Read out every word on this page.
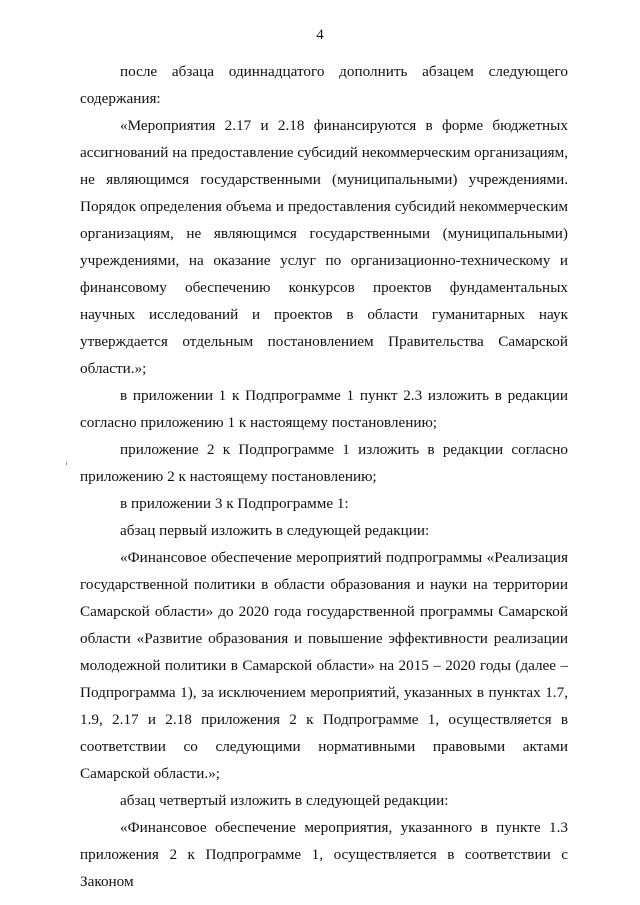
4

после абзаца одиннадцатого дополнить абзацем следующего содержания:

«Мероприятия 2.17 и 2.18 финансируются в форме бюджетных ассигнований на предоставление субсидий некоммерческим организациям, не являющимся государственными (муниципальными) учреждениями. Порядок определения объема и предоставления субсидий некоммерческим организациям, не являющимся государственными (муниципальными) учреждениями, на оказание услуг по организационно-техническому и финансовому обеспечению конкурсов проектов фундаментальных научных исследований и проектов в области гуманитарных наук утверждается отдельным постановлением Правительства Самарской области.»;

в приложении 1 к Подпрограмме 1 пункт 2.3 изложить в редакции согласно приложению 1 к настоящему постановлению;

приложение 2 к Подпрограмме 1 изложить в редакции согласно приложению 2 к настоящему постановлению;

в приложении 3 к Подпрограмме 1:

абзац первый изложить в следующей редакции:

«Финансовое обеспечение мероприятий подпрограммы «Реализация государственной политики в области образования и науки на территории Самарской области» до 2020 года государственной программы Самарской области «Развитие образования и повышение эффективности реализации молодежной политики в Самарской области» на 2015 – 2020 годы (далее – Подпрограмма 1), за исключением мероприятий, указанных в пунктах 1.7, 1.9, 2.17 и 2.18 приложения 2 к Подпрограмме 1, осуществляется в соответствии со следующими нормативными правовыми актами Самарской области.»;

абзац четвертый изложить в следующей редакции:

«Финансовое обеспечение мероприятия, указанного в пункте 1.3 приложения 2 к Подпрограмме 1, осуществляется в соответствии с Законом
